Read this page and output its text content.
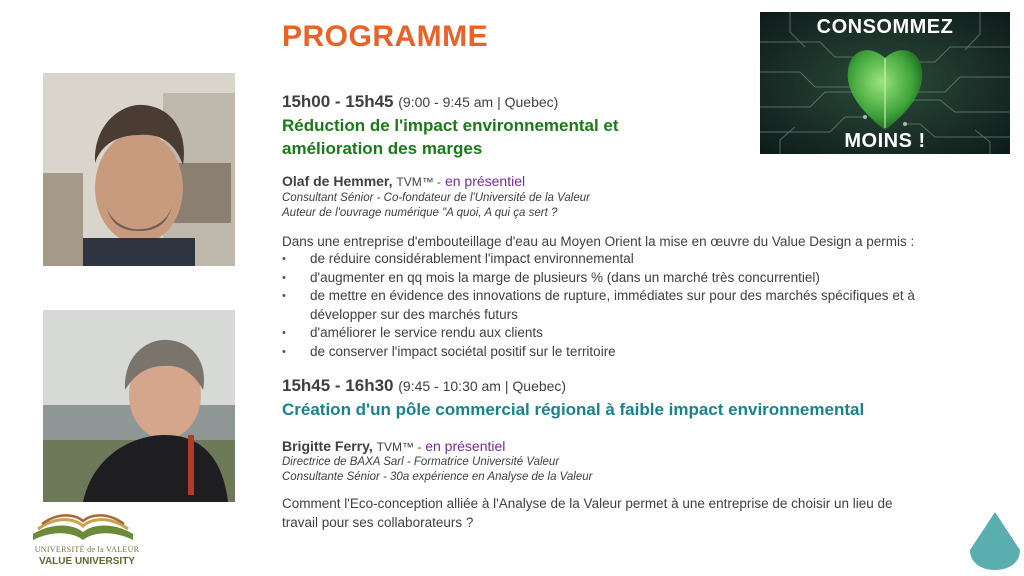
PROGRAMME	CONSOMMEZ
MOINS !
15h00 - 15h45 (9:00 - 9:45 am | Quebec)
Réduction de l'impact environnemental et
amélioration des marges
Olaf de Hemmer, TVM™ - en présentiel
Consultant Sénior - Co-fondateur de l'Université de la Valeur
Auteur de l'ouvrage numérique "A quoi, A qui ça sert ?
Dans une entreprise d'embouteillage d'eau au Moyen Orient la mise en œuvre du Value Design a permis :
• de réduire considérablement l'impact environnemental
• d'augmenter en qq mois la marge de plusieurs % (dans un marché très concurrentiel)
• de mettre en évidence des innovations de rupture, immédiates sur pour des marchés spécifiques et à développer sur des marchés futurs
• d'améliorer le service rendu aux clients
• de conserver l'impact sociétal positif sur le territoire
15h45 - 16h30 (9:45 - 10:30 am | Quebec)
Création d'un pôle commercial régional à faible impact environnemental
Brigitte Ferry, TVM™ - en présentiel
Directrice de BAXA Sarl - Formatrice Université Valeur
Consultante Sénior - 30a expérience en Analyse de la Valeur
Comment l'Eco-conception alliée à l'Analyse de la Valeur permet à une entreprise de choisir un lieu de travail pour ses collaborateurs ?
UNIVERSITÉ de la VALEUR
VALUE UNIVERSITY
